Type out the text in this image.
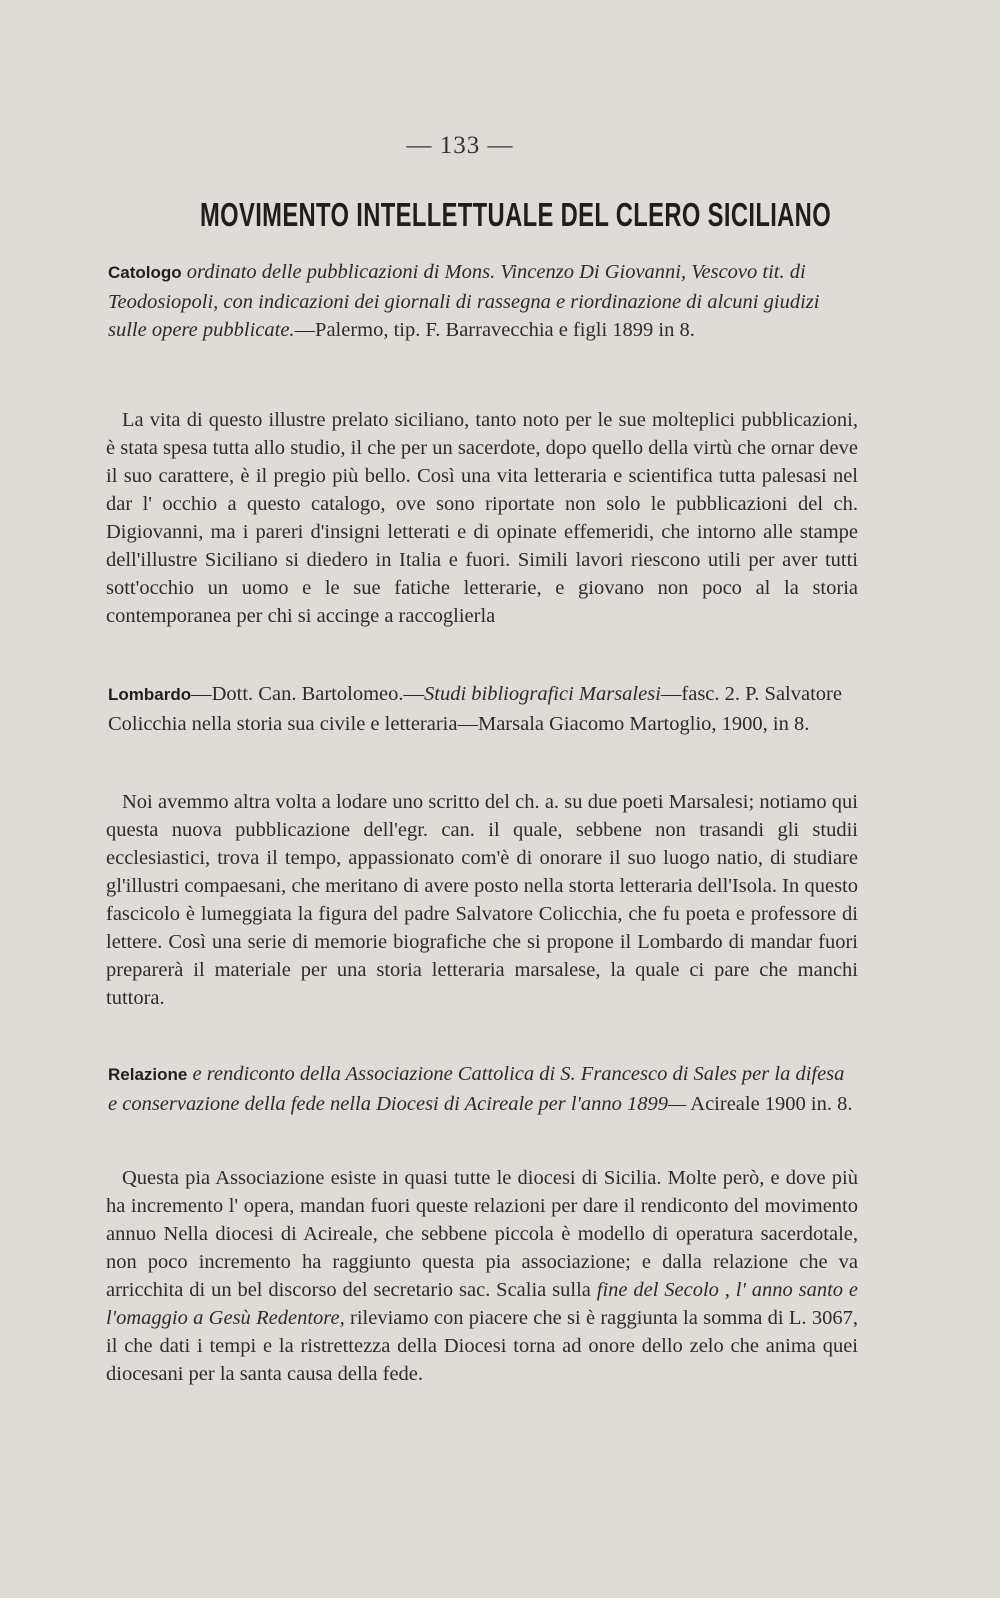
— 133 —
MOVIMENTO INTELLETTUALE DEL CLERO SICILIANO
Catologo ordinato delle pubblicazioni di Mons. Vincenzo Di Giovanni, Vescovo tit. di Teodosiopoli, con indicazioni dei giornali di rassegna e riordinazione di alcuni giudizi sulle opere pubblicate.—Palermo, tip. F. Barravecchia e figli 1899 in 8.
La vita di questo illustre prelato siciliano, tanto noto per le sue molteplici pubblicazioni, è stata spesa tutta allo studio, il che per un sacerdote, dopo quello della virtù che ornar deve il suo carattere, è il pregio più bello. Così una vita letteraria e scientifica tutta palesasi nel dar l' occhio a questo catalogo, ove sono riportate non solo le pubblicazioni del ch. Digiovanni, ma i pareri d'insigni letterati e di opinate effemeridi, che intorno alle stampe dell'illustre Siciliano si diedero in Italia e fuori. Simili lavori riescono utili per aver tutti sott'occhio un uomo e le sue fatiche letterarie, e giovano non poco al la storia contemporanea per chi si accinge a raccoglierla
Lombardo—Dott. Can. Bartolomeo.—Studi bibliografici Marsalesi—fasc. 2. P. Salvatore Colicchia nella storia sua civile e letteraria—Marsala Giacomo Martoglio, 1900, in 8.
Noi avemmo altra volta a lodare uno scritto del ch. a. su due poeti Marsalesi; notiamo qui questa nuova pubblicazione dell'egr. can. il quale, sebbene non trasandi gli studii ecclesiastici, trova il tempo, appassionato com'è di onorare il suo luogo natio, di studiare gl'illustri compaesani, che meritano di avere posto nella storta letteraria dell'Isola. In questo fascicolo è lumeggiata la figura del padre Salvatore Colicchia, che fu poeta e professore di lettere. Così una serie di memorie biografiche che si propone il Lombardo di mandar fuori preparerà il materiale per una storia letteraria marsalese, la quale ci pare che manchi tuttora.
Relazione e rendiconto della Associazione Cattolica di S. Francesco di Sales per la difesa e conservazione della fede nella Diocesi di Acireale per l'anno 1899— Acireale 1900 in. 8.
Questa pia Associazione esiste in quasi tutte le diocesi di Sicilia. Molte però, e dove più ha incremento l' opera, mandan fuori queste relazioni per dare il rendiconto del movimento annuo Nella diocesi di Acireale, che sebbene piccola è modello di operatura sacerdotale, non poco incremento ha raggiunto questa pia associazione; e dalla relazione che va arricchita di un bel discorso del secretario sac. Scalia sulla fine del Secolo , l' anno santo e l'omaggio a Gesù Redentore, rileviamo con piacere che si è raggiunta la somma di L. 3067, il che dati i tempi e la ristrettezza della Diocesi torna ad onore dello zelo che anima quei diocesani per la santa causa della fede.
